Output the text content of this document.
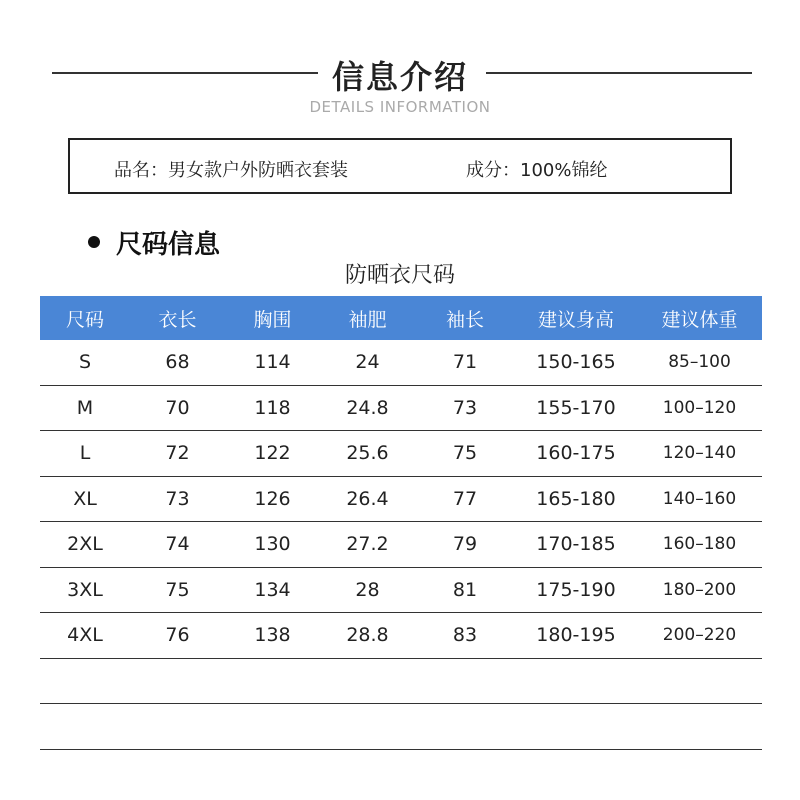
信息介绍
DETAILS INFORMATION
品名：男女款户外防晒衣套装	成分：100%锦纶
尺码信息
防晒衣尺码
尺码	衣长	胸围	袖肥	袖长	建议身高	建议体重
S	68	114	24	71	150-165	85–100
M	70	118	24.8	73	155-170	100–120
L	72	122	25.6	75	160-175	120–140
XL	73	126	26.4	77	165-180	140–160
2XL	74	130	27.2	79	170-185	160–180
3XL	75	134	28	81	175-190	180–200
4XL	76	138	28.8	83	180-195	200–220
